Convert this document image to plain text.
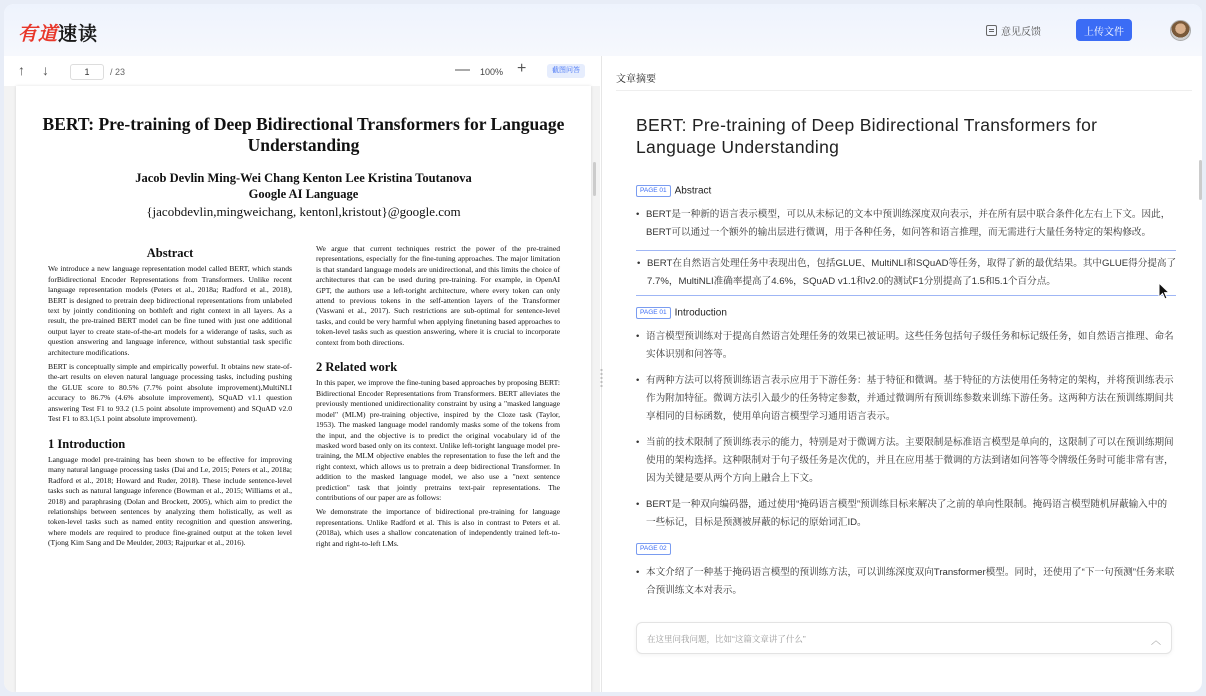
有道速读	意见反馈	上传文件
↑ ↓
1	/ 23	— 100% +	截图问答
BERT: Pre-training of Deep Bidirectional Transformers for Language Understanding
Jacob Devlin Ming-Wei Chang Kenton Lee Kristina Toutanova
Google AI Language
{jacobdevlin,mingweichang, kentonl,kristout}@google.com
Abstract

We introduce a new language representation model called BERT, which stands forBidirectional Encoder Representations from Transformers. Unlike recent language representation models (Peters et al., 2018a; Radford et al., 2018), BERT is designed to pretrain deep bidirectional representations from unlabeled text by jointly conditioning on bothleft and right context in all layers. As a result, the pre-trained BERT model can be fine tuned with just one additional output layer to create state-of-the-art models for a widerange of tasks, such as question answering and language inference, without substantial task specific architecture modifications.

BERT is conceptually simple and empirically powerful. It obtains new state-of-the-art results on eleven natural language processing tasks, including pushing the GLUE score to 80.5% (7.7% point absolute improvement),MultiNLI accuracy to 86.7% (4.6% absolute improvement), SQuAD v1.1 question answering Test F1 to 93.2 (1.5 point absolute improvement) and SQuAD v2.0 Test F1 to 83.1(5.1 point absolute improvement).

1 Introduction

Language model pre-training has been shown to be effective for improving many natural language processing tasks (Dai and Le, 2015; Peters et al., 2018a; Radford et al., 2018; Howard and Ruder, 2018). These include sentence-level tasks such as natural language inference (Bowman et al., 2015; Williams et al., 2018) and paraphrasing (Dolan and Brockett, 2005), which aim to predict the relationships between sentences by analyzing them holistically, as well as token-level tasks such as named entity recognition and question answering, where models are required to produce fine-grained output at the token level (Tjong Kim Sang and De Meulder, 2003; Rajpurkar et al., 2016).

We argue that current techniques restrict the power of the pre-trained representations, especially for the fine-tuning approaches. The major limitation is that standard language models are unidirectional, and this limits the choice of architectures that can be used during pre-training. For example, in OpenAI GPT, the authors use a left-toright architecture, where every token can only attend to previous tokens in the self-attention layers of the Transformer (Vaswani et al., 2017). Such restrictions are sub-optimal for sentence-level tasks, and could be very harmful when applying finetuning based approaches to token-level tasks such as question answering, where it is crucial to incorporate context from both directions.

2 Related work

In this paper, we improve the fine-tuning based approaches by proposing BERT: Bidirectional Encoder Representations from Transformers. BERT alleviates the previously mentioned unidirectionality constraint by using a "masked language model" (MLM) pre-training objective, inspired by the Cloze task (Taylor, 1953). The masked language model randomly masks some of the tokens from the input, and the objective is to predict the original vocabulary id of the masked word based only on its context. Unlike left-toright language model pre-training, the MLM objective enables the representation to fuse the left and the right context, which allows us to pretrain a deep bidirectional Transformer. In addition to the masked language model, we also use a "next sentence prediction" task that jointly pretrains text-pair representations. The contributions of our paper are as follows:

We demonstrate the importance of bidirectional pre-training for language representations. Unlike Radford et al. This is also in contrast to Peters et al. (2018a), which uses a shallow concatenation of independently trained left-to-right and right-to-left LMs.

文章摘要
BERT: Pre-training of Deep Bidirectional Transformers for Language Understanding
PAGE 01 Abstract
• BERT是一种新的语言表示模型，可以从未标记的文本中预训练深度双向表示，并在所有层中联合条件化左右上下文。因此，BERT可以通过一个额外的输出层进行微调，用于各种任务，如问答和语言推理，而无需进行大量任务特定的架构修改。
• BERT在自然语言处理任务中表现出色，包括GLUE、MultiNLI和SQuAD等任务，取得了新的最优结果。其中GLUE得分提高了7.7%，MultiNLI准确率提高了4.6%，SQuAD v1.1和v2.0的测试F1分别提高了1.5和5.1个百分点。
PAGE 01 Introduction
• 语言模型预训练对于提高自然语言处理任务的效果已被证明。这些任务包括句子级任务和标记级任务，如自然语言推理、命名实体识别和问答等。
• 有两种方法可以将预训练语言表示应用于下游任务：基于特征和微调。基于特征的方法使用任务特定的架构，并将预训练表示作为附加特征。微调方法引入最少的任务特定参数，并通过微调所有预训练参数来训练下游任务。这两种方法在预训练期间共享相同的目标函数，使用单向语言模型学习通用语言表示。
• 当前的技术限制了预训练表示的能力，特别是对于微调方法。主要限制是标准语言模型是单向的，这限制了可以在预训练期间使用的架构选择。这种限制对于句子级任务是次优的，并且在应用基于微调的方法到诸如问答等令牌级任务时可能非常有害，因为关键是要从两个方向上融合上下文。
• BERT是一种双向编码器，通过使用“掩码语言模型”预训练目标来解决了之前的单向性限制。掩码语言模型随机屏蔽输入中的一些标记，目标是预测被屏蔽的标记的原始词汇ID。
PAGE 02
• 本文介绍了一种基于掩码语言模型的预训练方法，可以训练深度双向Transformer模型。同时，还使用了“下一句预测”任务来联合预训练文本对表示。
在这里问我问题，比如“这篇文章讲了什么”
︿
